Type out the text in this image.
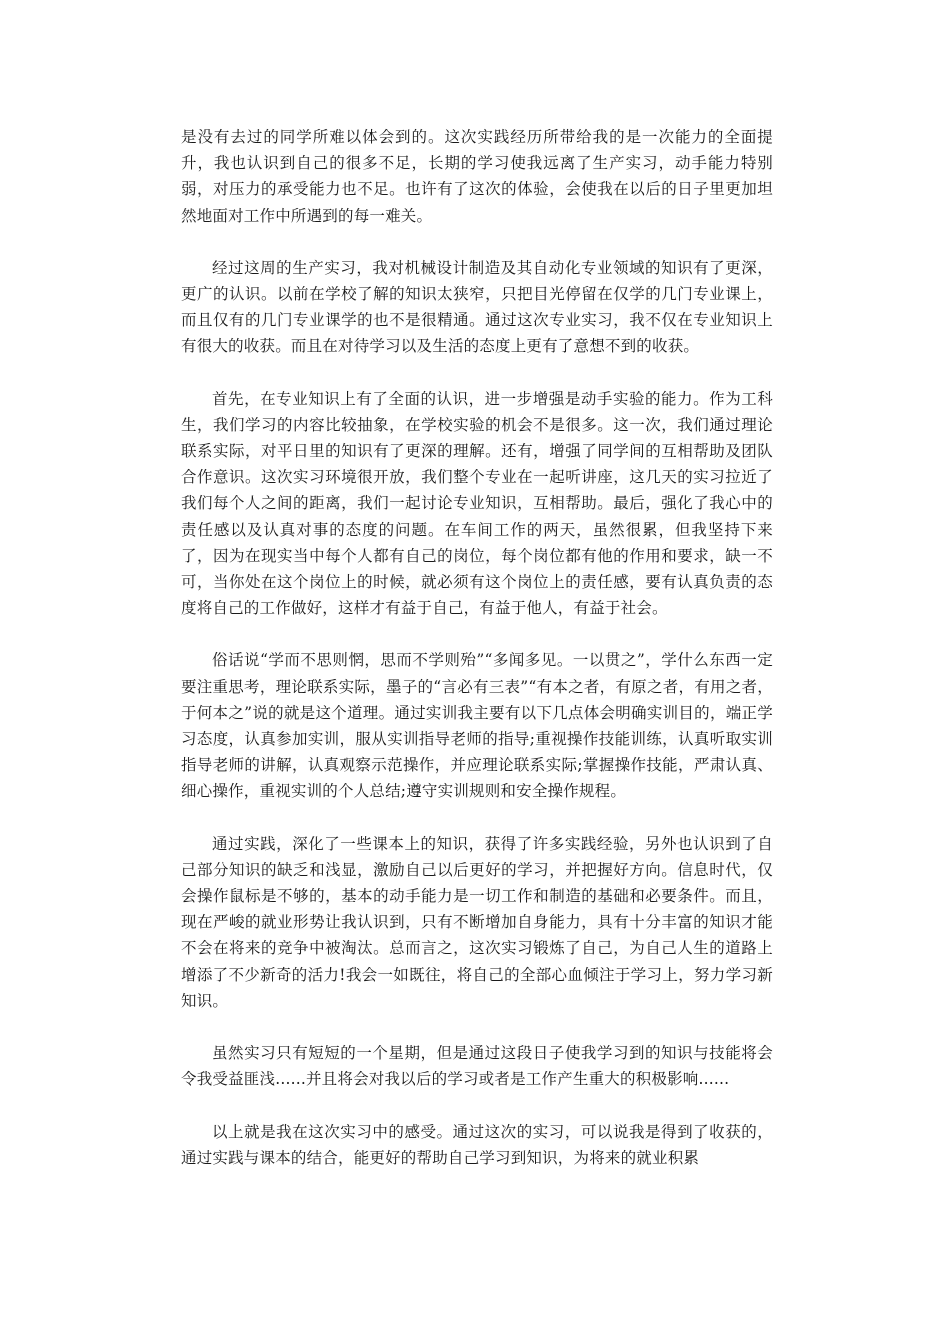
是没有去过的同学所难以体会到的。这次实践经历所带给我的是一次能力的全面提升，我也认识到自己的很多不足，长期的学习使我远离了生产实习，动手能力特别弱，对压力的承受能力也不足。也许有了这次的体验，会使我在以后的日子里更加坦然地面对工作中所遇到的每一难关。

经过这周的生产实习，我对机械设计制造及其自动化专业领域的知识有了更深，更广的认识。以前在学校了解的知识太狭窄，只把目光停留在仅学的几门专业课上，而且仅有的几门专业课学的也不是很精通。通过这次专业实习，我不仅在专业知识上有很大的收获。而且在对待学习以及生活的态度上更有了意想不到的收获。

首先，在专业知识上有了全面的认识，进一步增强是动手实验的能力。作为工科生，我们学习的内容比较抽象，在学校实验的机会不是很多。这一次，我们通过理论联系实际，对平日里的知识有了更深的理解。还有，增强了同学间的互相帮助及团队合作意识。这次实习环境很开放，我们整个专业在一起听讲座，这几天的实习拉近了我们每个人之间的距离，我们一起讨论专业知识，互相帮助。最后，强化了我心中的责任感以及认真对事的态度的问题。在车间工作的两天，虽然很累，但我坚持下来了，因为在现实当中每个人都有自己的岗位，每个岗位都有他的作用和要求，缺一不可，当你处在这个岗位上的时候，就必须有这个岗位上的责任感，要有认真负责的态度将自己的工作做好，这样才有益于自己，有益于他人，有益于社会。

俗话说“学而不思则惘，思而不学则殆”“多闻多见。一以贯之”，学什么东西一定要注重思考，理论联系实际，墨子的“言必有三表”“有本之者，有原之者，有用之者，于何本之”说的就是这个道理。通过实训我主要有以下几点体会明确实训目的，端正学习态度，认真参加实训，服从实训指导老师的指导;重视操作技能训练，认真听取实训指导老师的讲解，认真观察示范操作，并应理论联系实际;掌握操作技能，严肃认真、细心操作，重视实训的个人总结;遵守实训规则和安全操作规程。

通过实践，深化了一些课本上的知识，获得了许多实践经验，另外也认识到了自己部分知识的缺乏和浅显，激励自己以后更好的学习，并把握好方向。信息时代，仅会操作鼠标是不够的，基本的动手能力是一切工作和制造的基础和必要条件。而且，现在严峻的就业形势让我认识到，只有不断增加自身能力，具有十分丰富的知识才能不会在将来的竞争中被淘汰。总而言之，这次实习锻炼了自己，为自己人生的道路上增添了不少新奇的活力!我会一如既往，将自己的全部心血倾注于学习上，努力学习新知识。

虽然实习只有短短的一个星期，但是通过这段日子使我学习到的知识与技能将会令我受益匪浅......并且将会对我以后的学习或者是工作产生重大的积极影响......

以上就是我在这次实习中的感受。通过这次的实习，可以说我是得到了收获的，通过实践与课本的结合，能更好的帮助自己学习到知识，为将来的就业积累
